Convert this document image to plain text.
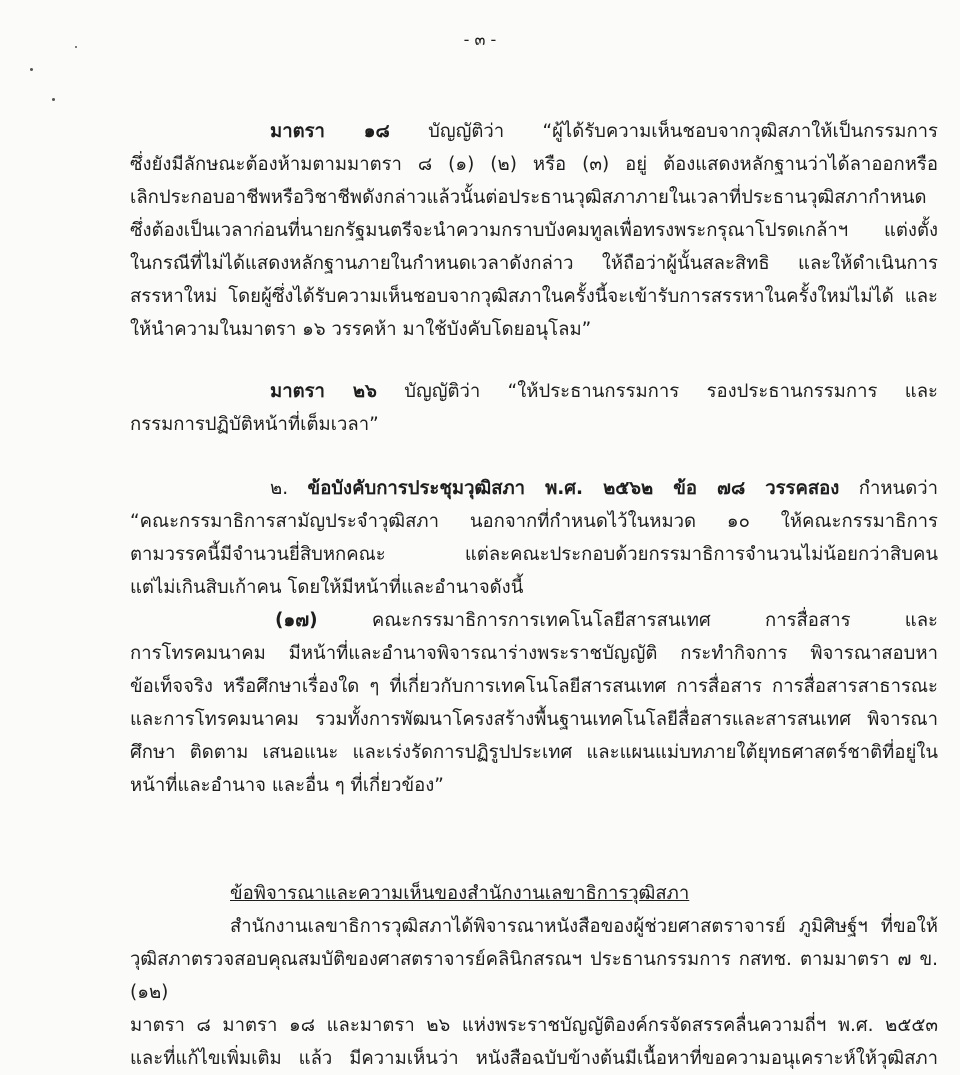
- ๓ -
มาตรา ๑๘ บัญญัติว่า “ผู้ได้รับความเห็นชอบจากวุฒิสภาให้เป็นกรรมการ
ซึ่งยังมีลักษณะต้องห้ามตามมาตรา ๘ (๑) (๒) หรือ (๓) อยู่ ต้องแสดงหลักฐานว่าได้ลาออกหรือ
เลิกประกอบอาชีพหรือวิชาชีพดังกล่าวแล้วนั้นต่อประธานวุฒิสภาภายในเวลาที่ประธานวุฒิสภากำหนด
ซึ่งต้องเป็นเวลาก่อนที่นายกรัฐมนตรีจะนำความกราบบังคมทูลเพื่อทรงพระกรุณาโปรดเกล้าฯ แต่งตั้ง
ในกรณีที่ไม่ได้แสดงหลักฐานภายในกำหนดเวลาดังกล่าว ให้ถือว่าผู้นั้นสละสิทธิ และให้ดำเนินการ
สรรหาใหม่ โดยผู้ซึ่งได้รับความเห็นชอบจากวุฒิสภาในครั้งนี้จะเข้ารับการสรรหาในครั้งใหม่ไม่ได้ และ
ให้นำความในมาตรา ๑๖ วรรคห้า มาใช้บังคับโดยอนุโลม”
มาตรา ๒๖ บัญญัติว่า “ให้ประธานกรรมการ รองประธานกรรมการ และ
กรรมการปฏิบัติหน้าที่เต็มเวลา”
๒. ข้อบังคับการประชุมวุฒิสภา พ.ศ. ๒๕๖๒ ข้อ ๗๘ วรรคสอง กำหนดว่า
“คณะกรรมาธิการสามัญประจำวุฒิสภา นอกจากที่กำหนดไว้ในหมวด ๑๐ ให้คณะกรรมาธิการ
ตามวรรคนี้มีจำนวนยี่สิบหกคณะ แต่ละคณะประกอบด้วยกรรมาธิการจำนวนไม่น้อยกว่าสิบคน
แต่ไม่เกินสิบเก้าคน โดยให้มีหน้าที่และอำนาจดังนี้
(๑๗) คณะกรรมาธิการการเทคโนโลยีสารสนเทศ การสื่อสาร และ
การโทรคมนาคม มีหน้าที่และอำนาจพิจารณาร่างพระราชบัญญัติ กระทำกิจการ พิจารณาสอบหา
ข้อเท็จจริง หรือศึกษาเรื่องใด ๆ ที่เกี่ยวกับการเทคโนโลยีสารสนเทศ การสื่อสาร การสื่อสารสาธารณะ
และการโทรคมนาคม รวมทั้งการพัฒนาโครงสร้างพื้นฐานเทคโนโลยีสื่อสารและสารสนเทศ พิจารณา
ศึกษา ติดตาม เสนอแนะ และเร่งรัดการปฏิรูปประเทศ และแผนแม่บทภายใต้ยุทธศาสตร์ชาติที่อยู่ใน
หน้าที่และอำนาจ และอื่น ๆ ที่เกี่ยวข้อง”
ข้อพิจารณาและความเห็นของสำนักงานเลขาธิการวุฒิสภา
สำนักงานเลขาธิการวุฒิสภาได้พิจารณาหนังสือของผู้ช่วยศาสตราจารย์ ภูมิศิษฐ์ฯ ที่ขอให้
วุฒิสภาตรวจสอบคุณสมบัติของศาสตราจารย์คลินิกสรณฯ ประธานกรรมการ กสทช. ตามมาตรา ๗ ข. (๑๒)
มาตรา ๘ มาตรา ๑๘ และมาตรา ๒๖ แห่งพระราชบัญญัติองค์กรจัดสรรคลื่นความถี่ฯ พ.ศ. ๒๕๕๓
และที่แก้ไขเพิ่มเติม แล้ว มีความเห็นว่า หนังสือฉบับข้างต้นมีเนื้อหาที่ขอความอนุเคราะห์ให้วุฒิสภา
